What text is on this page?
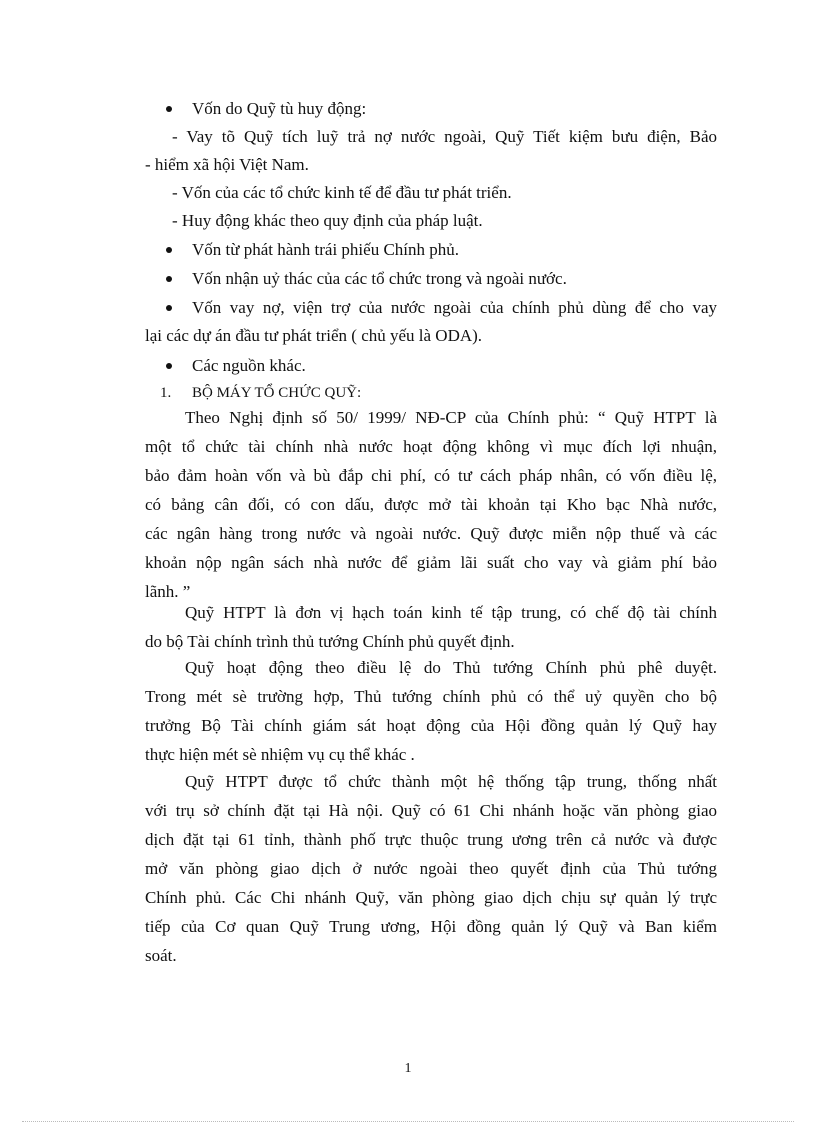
Vốn do Quỹ tù huy động:
- Vay tõ Quỹ tích luỹ trả nợ nước ngoài, Quỹ Tiết kiệm bưu điện, Bảo
- hiểm xã hội Việt Nam.
- Vốn của các tổ chức kinh tế để đầu tư phát triển.
- Huy động khác theo quy định của pháp luật.
Vốn từ phát hành trái phiếu Chính phủ.
Vốn nhận uỷ thác của các tổ chức trong và ngoài nước.
Vốn vay nợ, viện trợ của nước ngoài của chính phủ dùng để cho vay
lại các dự án đầu tư phát triển ( chủ yếu là ODA).
Các nguồn khác.
1. BỘ MÁY TỔ CHỨC QUỸ:
Theo Nghị định số 50/ 1999/ NĐ-CP của Chính phủ: “ Quỹ HTPT là
một tổ chức tài chính nhà nước hoạt động không vì mục đích lợi nhuận,
bảo đảm hoàn vốn và bù đắp chi phí, có tư cách pháp nhân, có vốn điều lệ,
có bảng cân đối, có con dấu, được mở tài khoản tại Kho bạc Nhà nước,
các ngân hàng trong nước và ngoài nước. Quỹ được miễn nộp thuế và các
khoản nộp ngân sách nhà nước để giảm lãi suất cho vay và giảm phí bảo
lãnh. ”
Quỹ HTPT là đơn vị hạch toán kinh tế tập trung, có chế độ tài chính
do bộ Tài chính trình thủ tướng Chính phủ quyết định.
Quỹ hoạt động theo điều lệ do Thủ tướng Chính phủ phê duyệt.
Trong mét sè trường hợp, Thủ tướng chính phủ có thể uỷ quyền cho bộ
trưởng Bộ Tài chính giám sát hoạt động của Hội đồng quản lý Quỹ hay
thực hiện mét sè nhiệm vụ cụ thể khác .
Quỹ HTPT được tổ chức thành một hệ thống tập trung, thống nhất
với trụ sở chính đặt tại Hà nội. Quỹ có 61 Chi nhánh hoặc văn phòng giao
dịch đặt tại 61 tỉnh, thành phố trực thuộc trung ương trên cả nước và được
mở văn phòng giao dịch ở nước ngoài theo quyết định của Thủ tướng
Chính phủ. Các Chi nhánh Quỹ, văn phòng giao dịch chịu sự quản lý trực
tiếp của Cơ quan Quỹ Trung ương, Hội đồng quản lý Quỹ và Ban kiểm
soát.
1
